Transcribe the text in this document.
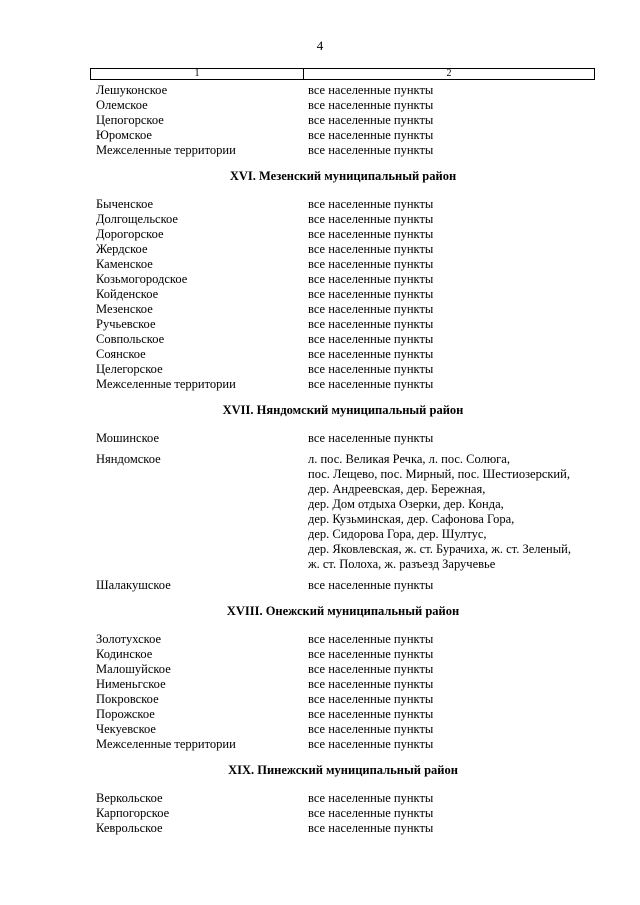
4
1	2
Лешуконское	все населенные пункты
Олемское	все населенные пункты
Цепогорское	все населенные пункты
Юромское	все населенные пункты
Межселенные территории	все населенные пункты
XVI. Мезенский муниципальный район
Быченское	все населенные пункты
Долгощельское	все населенные пункты
Дорогорское	все населенные пункты
Жердское	все населенные пункты
Каменское	все населенные пункты
Козьмогородское	все населенные пункты
Койденское	все населенные пункты
Мезенское	все населенные пункты
Ручьевское	все населенные пункты
Совпольское	все населенные пункты
Соянское	все населенные пункты
Целегорское	все населенные пункты
Межселенные территории	все населенные пункты
XVII. Няндомский муниципальный район
Мошинское	все населенные пункты
Няндомское	л. пос. Великая Речка, л. пос. Солюга,
пос. Лещево, пос. Мирный, пос. Шестиозерский,
дер. Андреевская, дер. Бережная,
дер. Дом отдыха Озерки, дер. Конда,
дер. Кузьминская, дер. Сафонова Гора,
дер. Сидорова Гора, дер. Шултус,
дер. Яковлевская, ж. ст. Бурачиха, ж. ст. Зеленый,
ж. ст. Полоха, ж. разъезд Заручевье
Шалакушское	все населенные пункты
XVIII. Онежский муниципальный район
Золотухское	все населенные пункты
Кодинское	все населенные пункты
Малошуйское	все населенные пункты
Нименьгское	все населенные пункты
Покровское	все населенные пункты
Порожское	все населенные пункты
Чекуевское	все населенные пункты
Межселенные территории	все населенные пункты
XIX. Пинежский муниципальный район
Веркольское	все населенные пункты
Карпогорское	все населенные пункты
Кеврольское	все населенные пункты
